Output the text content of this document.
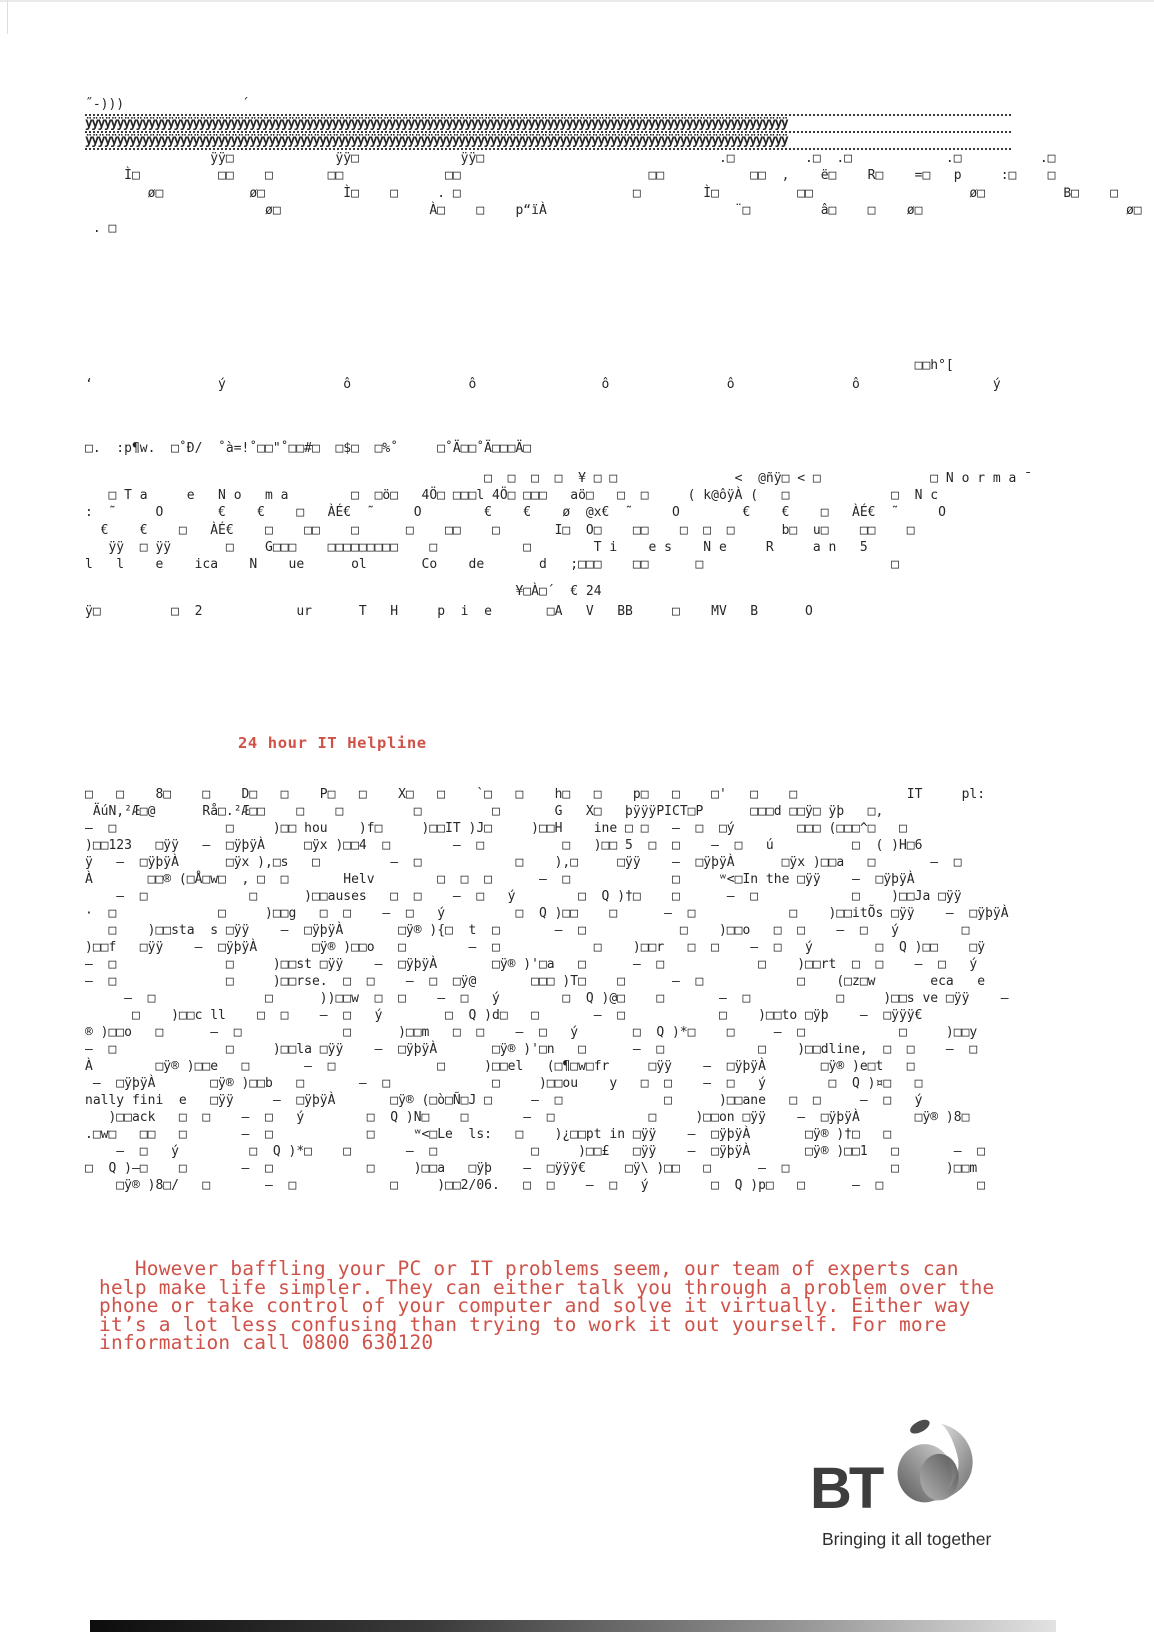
˝-)))               ´
ÿÿÿÿÿÿÿÿÿÿÿÿÿÿÿÿÿÿÿÿÿÿÿÿÿÿÿÿÿÿÿÿÿÿÿÿÿÿÿÿÿÿÿÿÿÿÿÿÿÿÿÿÿÿÿÿÿÿÿÿÿÿÿÿÿÿÿÿÿÿÿÿÿÿÿÿÿÿÿÿÿÿÿÿÿÿÿÿÿÿÿÿÿÿÿÿÿÿÿÿÿÿÿÿÿÿÿÿÿÿÿ
ÿÿÿÿÿÿÿÿÿÿÿÿÿÿÿÿÿÿÿÿÿÿÿÿÿÿÿÿÿÿÿÿÿÿÿÿÿÿÿÿÿÿÿÿÿÿÿÿÿÿÿÿÿÿÿÿÿÿÿÿÿÿÿÿÿÿÿÿÿÿÿÿÿÿÿÿÿÿÿÿÿÿÿÿÿÿÿÿÿÿÿÿÿÿÿÿÿÿÿÿÿÿÿÿÿÿÿÿÿÿÿ
ÿÿ□             ÿÿ□             ÿÿ□                              .□         .□  .□            .□          .□
Ì□          □□    □       □□             □□                        □□           □□  ,    ë□    R□    =□   p     :□    □
ø□           ø□          Ì□    □     . □                      □        Ì□          □□                    ø□          Β□    □
ø□                   À□    □    p“ïÀ                        ¨□         â□    □    ø□                          ø□
. □
□□h°[
‘                ý               ô               ô                ô               ô               ô                 ý
□.  :p¶w.  □˚Ð/  ˚à=!˚□□"˚□□#□  □$□  □%˚     □˚Ä□□˚Ä□□□Ä□
□  □  □  □  ¥ □ □               <  @ñÿ□ < □              □ N o r m a ¯
□ T a     e   N o   m a        □  □ö□   4Ö□ □□□l 4Ö□ □□□   aö□   □  □     ( k@ôÿÀ (   □             □  N c
:  ˜     O       €    €    □   ÀÉ€  ˜     O        €    €    ø  @x€  ˜     O        €    €    □   ÀÉ€  ˜     O
€    €    □   ÀÉ€    □    □□    □      □    □□    □       I□  O□    □□    □  □  □      b□  u□    □□    □
ÿÿ  □ ÿÿ       □    G□□□    □□□□□□□□□    □           □        T i    e s    N e     R     a n   5
l   l    e    ica    N    ue      ol       Co    de       d   ;□□□    □□      □                        □
¥□À□´  € 24
ÿ□         □  2            ur      T   H     p  i  e       □A   V   BB     □    MV   B      O
24 hour IT Helpline
□   □    8□    □    D□   □    P□   □    X□   □    `□   □    h□   □    p□   □    □'   □    □              IT     pl:
ÄúN,²Æ□@      Rå□.²Æ□□    □    □         □         □       G   X□   þÿÿÿPICT□P      □□□d □□ÿ□ ÿþ   □,
–  □              □     )□□ hou    )f□     )□□IT )J□     )□□H    ine □ □   –  □  □ý        □□□ (□□□^□   □
)□□123   □ÿÿ   –  □ÿþÿÀ     □ÿx )□□4  □        –  □          □   )□□ 5  □  □    –  □   ú          □  ( )H□6
ÿ   –  □ÿþÿÀ      □ÿx ),□s   □         –  □            □    ),□     □ÿÿ    –  □ÿþÿÀ      □ÿx )□□a   □       –  □
À       □□® (□Å□w□  , □  □       Helv        □  □  □      –  □             □     ʷ<□In the □ÿÿ    –  □ÿþÿÀ
–  □             □      )□□auses   □  □    –  □   ý        □  Q )†□    □      –  □            □    )□□Ja □ÿÿ
·  □             □     )□□g   □  □    –  □   ý         □  Q )□□    □      –  □            □    )□□itÕs □ÿÿ    –  □ÿþÿÀ
□    )□□sta  s □ÿÿ    –  □ÿþÿÀ       □ÿ® ){□  t  □       –  □            □    )□□o   □  □    –  □   ý        □
)□□f   □ÿÿ    –  □ÿþÿÀ       □ÿ® )□□o   □        –  □            □    )□□r   □  □    –  □   ý        □  Q )□□    □ÿ
–  □              □     )□□st □ÿÿ    –  □ÿþÿÀ       □ÿ® )'□a   □      –  □            □    )□□rt  □  □    –  □   ý
–  □              □     )□□rse.  □  □    –  □  □ÿ@       □□□ )T□    □      –  □            □    (□z□w       eca   e
–  □              □      ))□□w  □  □    –  □   ý        □  Q )@□    □       –  □           □     )□□s ve □ÿÿ    –
□    )□□c ll    □  □    –  □   ý        □  Q )d□   □       –  □            □    )□□to □ÿþ    –  □ÿÿÿ€
® )□□o   □      –  □             □      )□□m   □  □    –  □   ý       □  Q )*□    □     –  □            □     )□□y
–  □              □     )□□la □ÿÿ    –  □ÿþÿÀ       □ÿ® )'□n   □      –  □            □    )□□dline,  □  □    –  □
À        □ÿ® )□□e   □       –  □             □     )□□el   (□¶□w□fr     □ÿÿ    –  □ÿþÿÀ       □ÿ® )e□t   □
–  □ÿþÿÀ       □ÿ® )□□b   □       –  □             □     )□□ou    y   □  □    –  □   ý        □  Q )¤□   □
nally fini  e   □ÿÿ     –  □ÿþÿÀ       □ÿ® (□ò□Ñ□J □     –  □             □      )□□ane   □  □     –  □   ý
)□□ack   □  □    –  □   ý        □  Q )N□    □       –  □            □     )□□on □ÿÿ    –  □ÿþÿÀ       □ÿ® )8□
.□w□   □□   □       –  □            □     ʷ<□Le  ls:   □    )¿□□pt in □ÿÿ    –  □ÿþÿÀ       □ÿ® )†□   □
–  □   ý         □  Q )*□    □       –  □            □     )□□£   □ÿÿ    –  □ÿþÿÀ       □ÿ® )□□1   □       –  □
□  Q )–□    □       –  □            □     )□□a   □ÿþ    –  □ÿÿÿ€     □ÿ\ )□□   □      –  □             □      )□□m
□ÿ® )8□/   □       –  □            □     )□□2/06.   □  □    –  □   ý        □  Q )p□   □      –  □            □
However baffling your PC or IT problems seem, our team of experts can
help make life simpler. They can either talk you through a problem over the
phone or take control of your computer and solve it virtually. Either way
it’s a lot less confusing than trying to work it out yourself. For more
information call 0800 630120
BT
Bringing it all together
